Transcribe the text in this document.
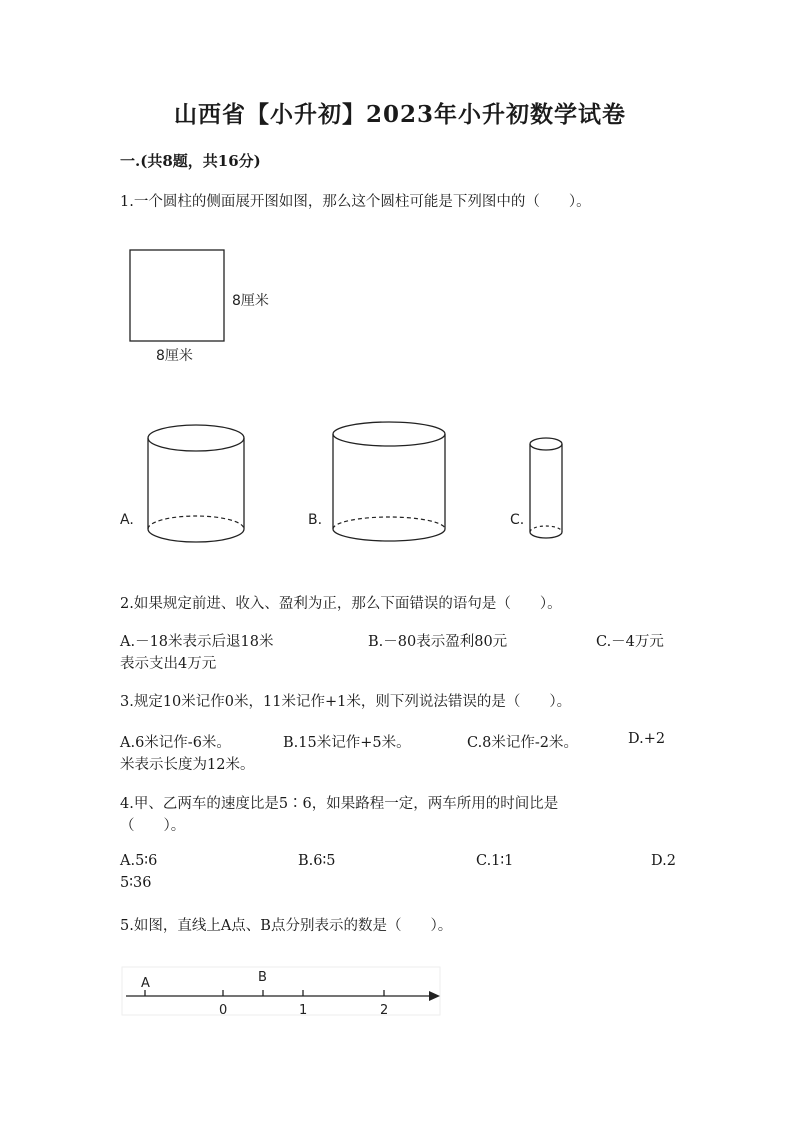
山西省【小升初】2023年小升初数学试卷
一.(共8题，共16分)
1.一个圆柱的侧面展开图如图，那么这个圆柱可能是下列图中的（　　）。
8厘米
8厘米
A.	B.	C.
2.如果规定前进、收入、盈利为正，那么下面错误的语句是（　　）。
A.－18米表示后退18米	B.－80表示盈利80元	C.－4万元
表示支出4万元
3.规定10米记作0米，11米记作+1米，则下列说法错误的是（　　）。
A.6米记作-6米。	B.15米记作+5米。	C.8米记作-2米。	D.+2
米表示长度为12米。
4.甲、乙两车的速度比是5∶6，如果路程一定，两车所用的时间比是
（　　）。
A.5∶6	B.6∶5	C.1∶1	D.2
5∶36
5.如图，直线上A点、B点分别表示的数是（　　）。
A	B
0	1	2
